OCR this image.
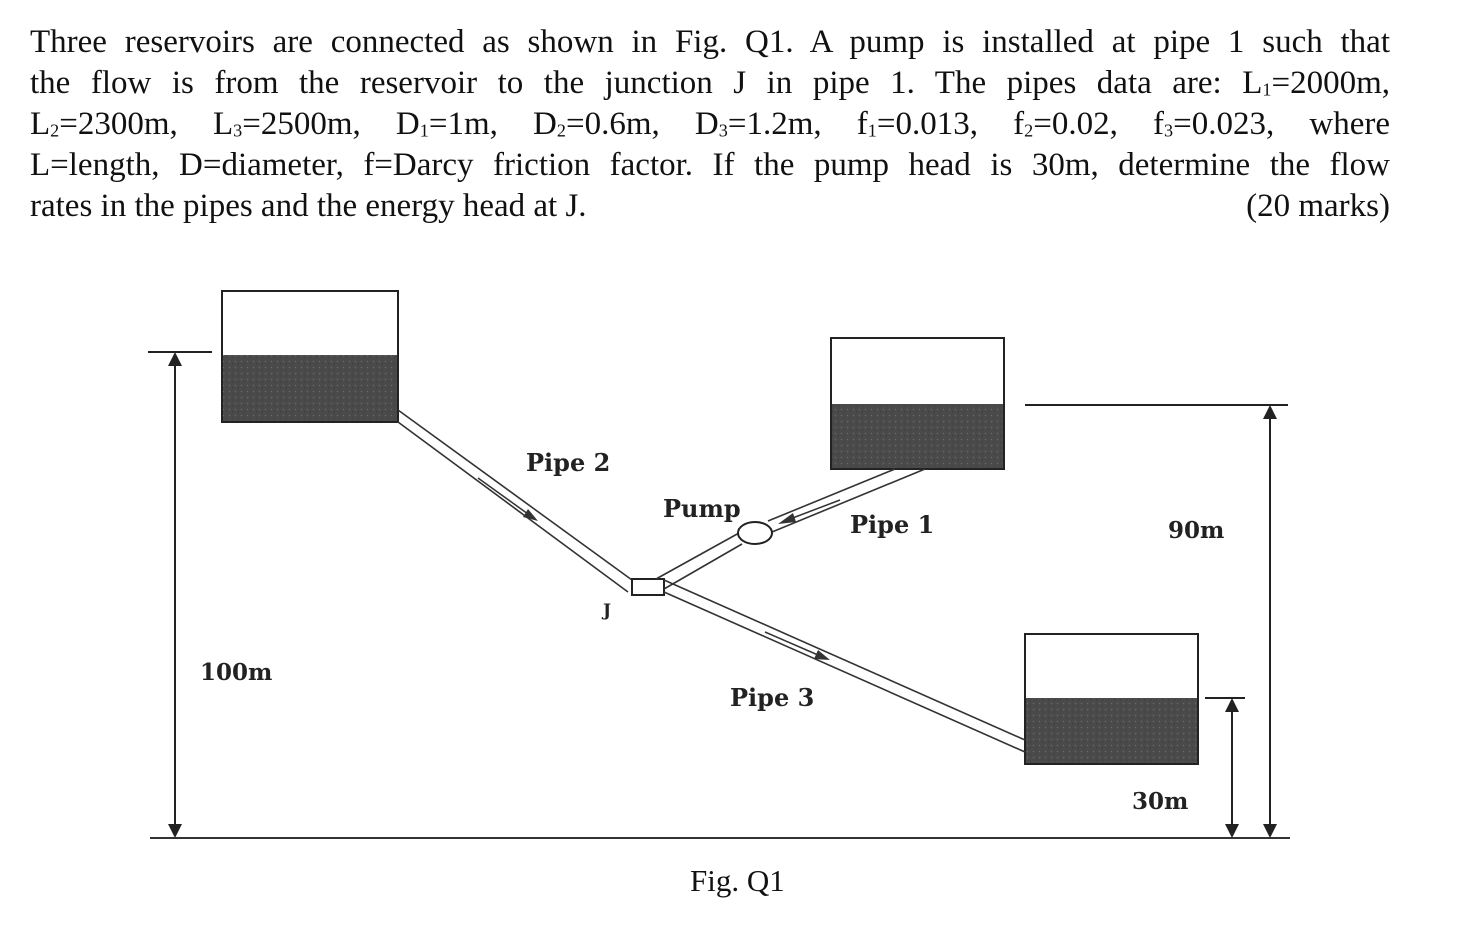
Three reservoirs are connected as shown in Fig. Q1. A pump is installed at pipe 1 such that

the flow is from the reservoir to the junction J in pipe 1. The pipes data are: $L_1=2000m$,

$L_2=2300m$, $L_3=2500m$, $D_1=1m$, $D_2=0.6m$, $D_3=1.2m$, $f_1=0.013$, $f_2=0.02$, $f_3=0.023$, where

L=length, D=diameter, f=Darcy friction factor. If the pump head is 30m, determine the flow

rates in the pipes and the energy head at J.	(20 marks)

Pipe 2
Pump
Pipe 1
J
Pipe 3
100m
90m
30m
Fig. Q1
